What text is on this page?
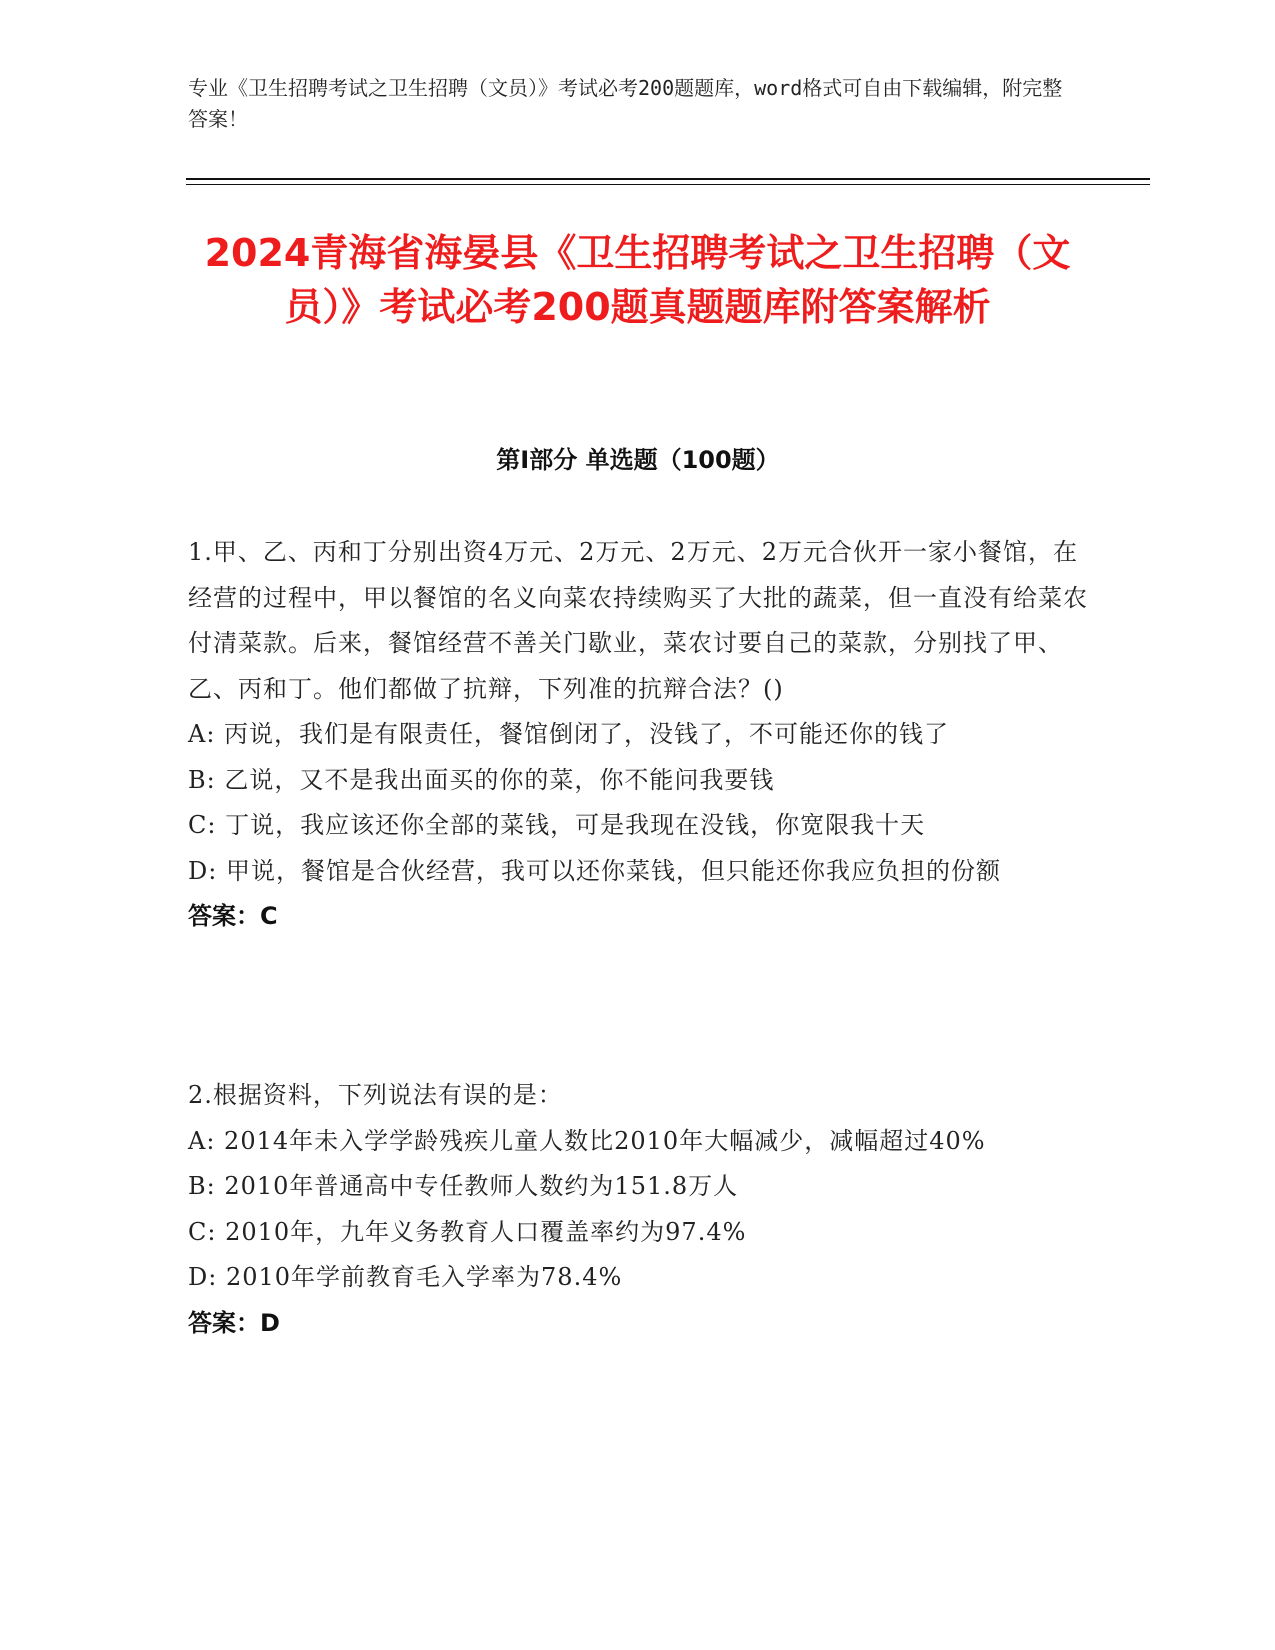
专业《卫生招聘考试之卫生招聘（文员）》考试必考200题题库，word格式可自由下载编辑，附完整答案！
2024青海省海晏县《卫生招聘考试之卫生招聘（文员）》考试必考200题真题题库附答案解析
第Ⅰ部分 单选题（100题）
1.甲、乙、丙和丁分别出资4万元、2万元、2万元、2万元合伙开一家小餐馆，在经营的过程中，甲以餐馆的名义向菜农持续购买了大批的蔬菜，但一直没有给菜农付清菜款。后来，餐馆经营不善关门歇业，菜农讨要自己的菜款，分别找了甲、乙、丙和丁。他们都做了抗辩，下列准的抗辩合法？()
A: 丙说，我们是有限责任，餐馆倒闭了，没钱了，不可能还你的钱了
B: 乙说，又不是我出面买的你的菜，你不能问我要钱
C: 丁说，我应该还你全部的菜钱，可是我现在没钱，你宽限我十天
D: 甲说，餐馆是合伙经营，我可以还你菜钱，但只能还你我应负担的份额
答案：C
2.根据资料，下列说法有误的是：
A: 2014年未入学学龄残疾儿童人数比2010年大幅减少，减幅超过40%
B: 2010年普通高中专任教师人数约为151.8万人
C: 2010年，九年义务教育人口覆盖率约为97.4%
D: 2010年学前教育毛入学率为78.4%
答案：D
